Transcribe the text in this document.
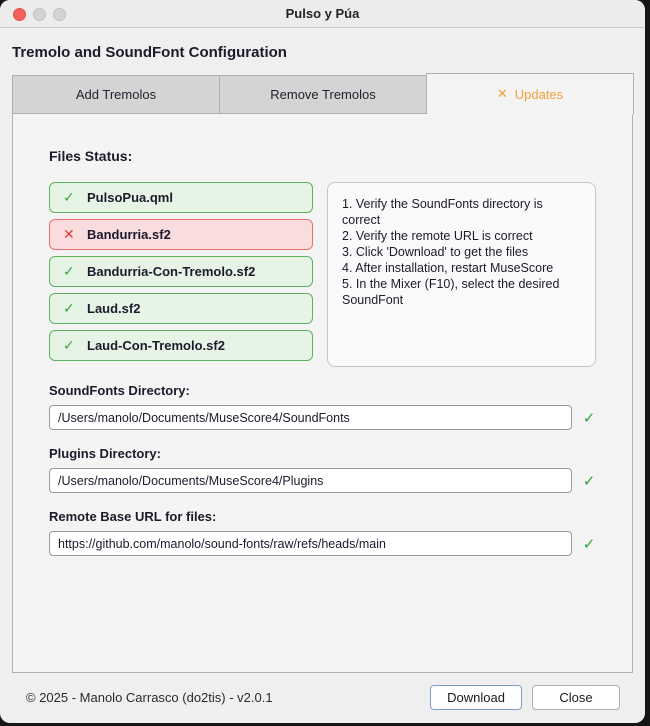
Pulso y Púa
Tremolo and SoundFont Configuration
Add Tremolos	Remove Tremolos	✕ Updates
Files Status:
✓ PulsoPua.qml
✕ Bandurria.sf2
✓ Bandurria-Con-Tremolo.sf2
✓ Laud.sf2
✓ Laud-Con-Tremolo.sf2
1. Verify the SoundFonts directory is correct
2. Verify the remote URL is correct
3. Click 'Download' to get the files
4. After installation, restart MuseScore
5. In the Mixer (F10), select the desired SoundFont
SoundFonts Directory:
/Users/manolo/Documents/MuseScore4/SoundFonts
✓
Plugins Directory:
/Users/manolo/Documents/MuseScore4/Plugins
✓
Remote Base URL for files:
https://github.com/manolo/sound-fonts/raw/refs/heads/main
✓
© 2025 - Manolo Carrasco (do2tis) - v2.0.1	Download	Close
